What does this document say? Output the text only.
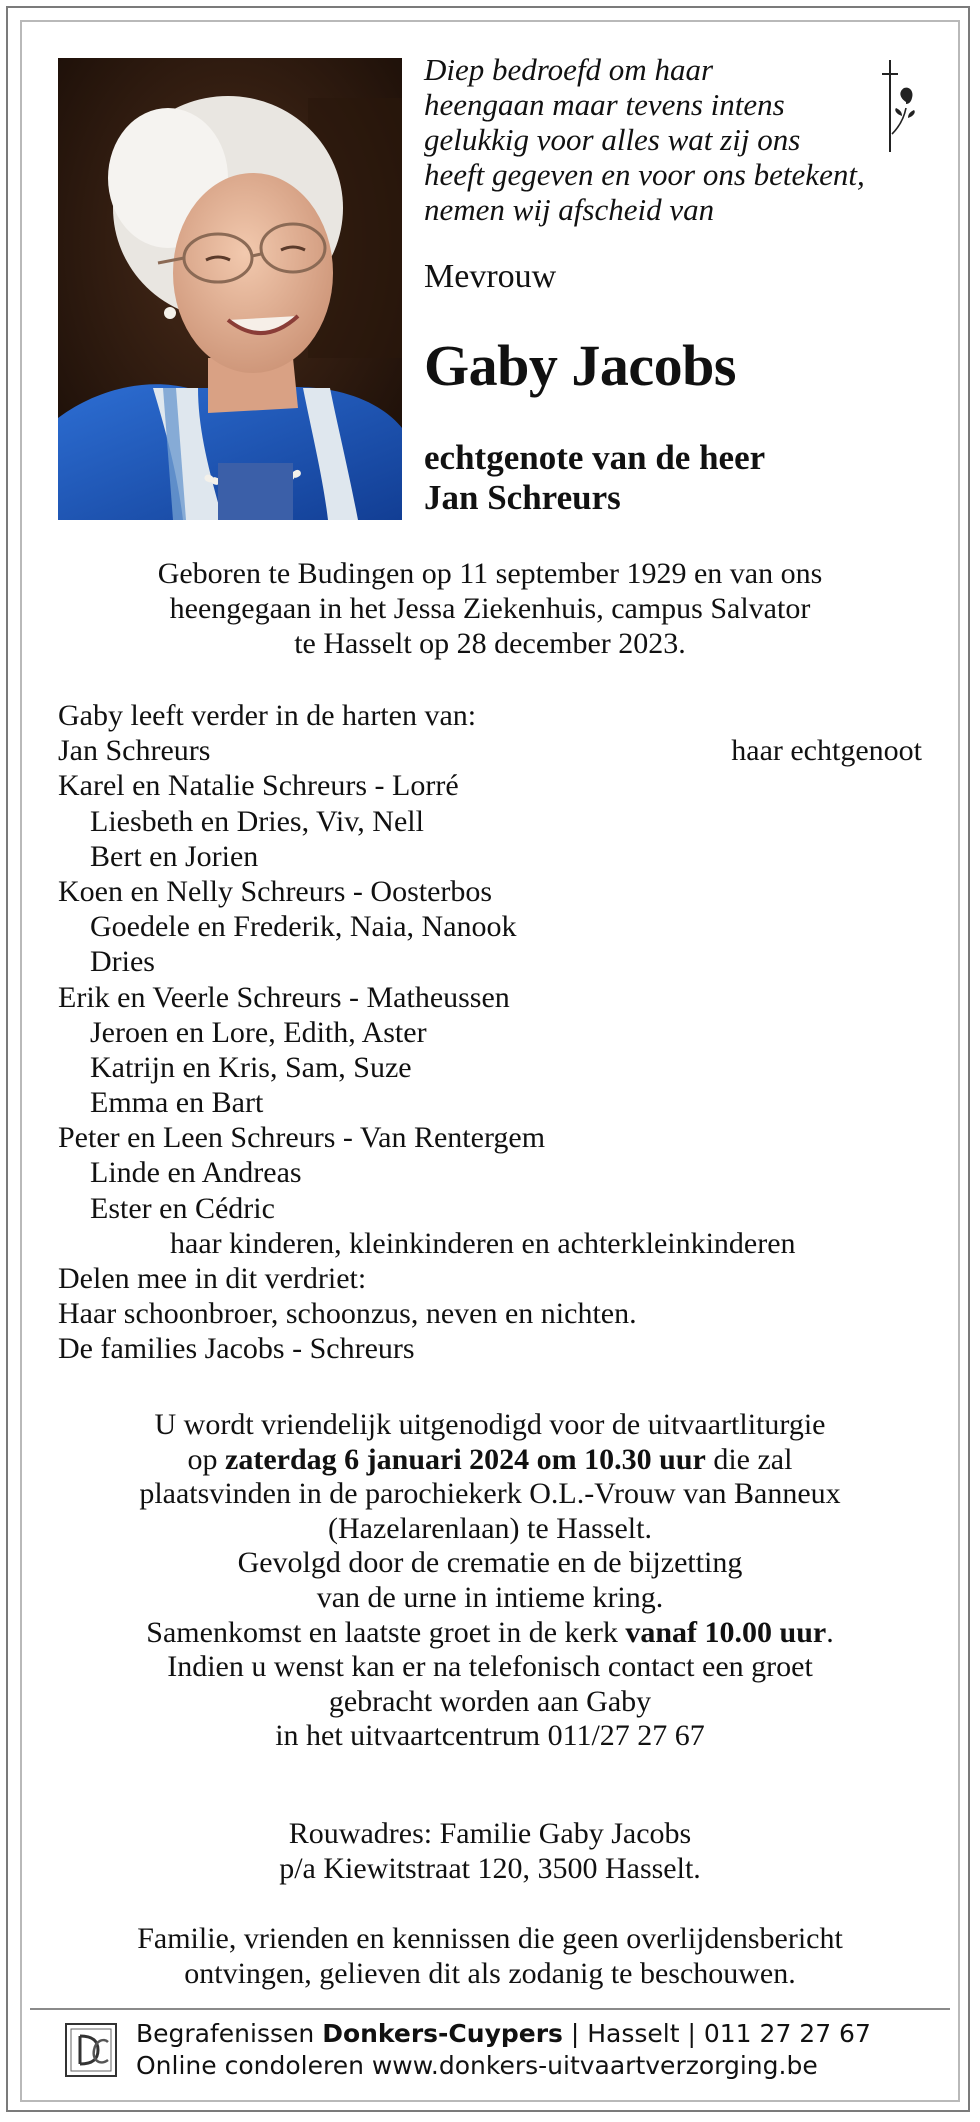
Diep bedroefd om haar
heengaan maar tevens intens
gelukkig voor alles wat zij ons
heeft gegeven en voor ons betekent,
nemen wij afscheid van
Mevrouw
Gaby Jacobs
echtgenote van de heer
Jan Schreurs
Geboren te Budingen op 11 september 1929 en van ons
heengegaan in het Jessa Ziekenhuis, campus Salvator
te Hasselt op 28 december 2023.
Gaby leeft verder in de harten van:
Jan Schreurs	haar echtgenoot
Karel en Natalie Schreurs - Lorré
Liesbeth en Dries, Viv, Nell
Bert en Jorien
Koen en Nelly Schreurs - Oosterbos
Goedele en Frederik, Naia, Nanook
Dries
Erik en Veerle Schreurs - Matheussen
Jeroen en Lore, Edith, Aster
Katrijn en Kris, Sam, Suze
Emma en Bart
Peter en Leen Schreurs - Van Rentergem
Linde en Andreas
Ester en Cédric
haar kinderen, kleinkinderen en achterkleinkinderen
Delen mee in dit verdriet:
Haar schoonbroer, schoonzus, neven en nichten.
De families Jacobs - Schreurs
U wordt vriendelijk uitgenodigd voor de uitvaartliturgie
op zaterdag 6 januari 2024 om 10.30 uur die zal
plaatsvinden in de parochiekerk O.L.-Vrouw van Banneux
(Hazelarenlaan) te Hasselt.
Gevolgd door de crematie en de bijzetting
van de urne in intieme kring.
Samenkomst en laatste groet in de kerk vanaf 10.00 uur.
Indien u wenst kan er na telefonisch contact een groet
gebracht worden aan Gaby
in het uitvaartcentrum 011/27 27 67
Rouwadres: Familie Gaby Jacobs
p/a Kiewitstraat 120, 3500 Hasselt.
Familie, vrienden en kennissen die geen overlijdensbericht
ontvingen, gelieven dit als zodanig te beschouwen.
Begrafenissen Donkers-Cuypers | Hasselt | 011 27 27 67
Online condoleren www.donkers-uitvaartverzorging.be
